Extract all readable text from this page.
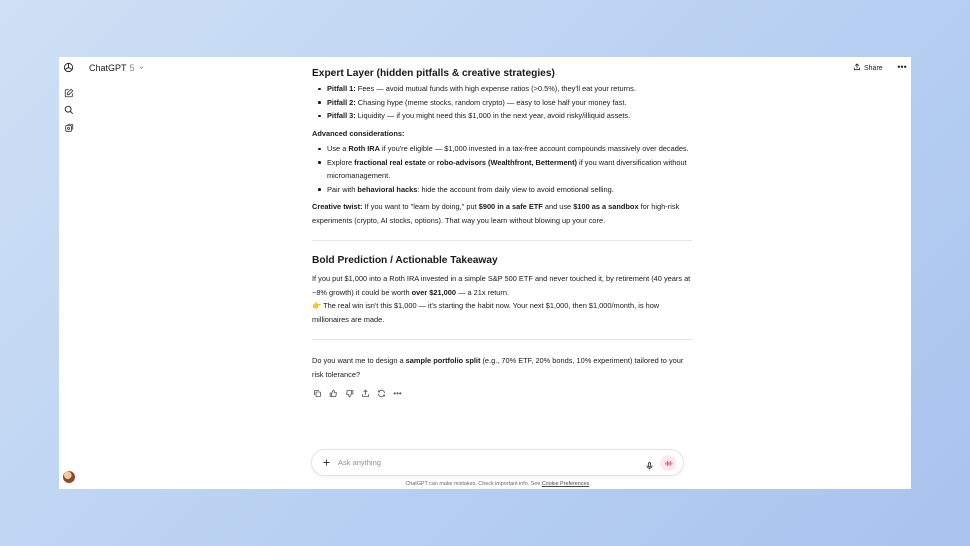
ChatGPT 5	Share •••
Expert Layer (hidden pitfalls & creative strategies)
Pitfall 1: Fees — avoid mutual funds with high expense ratios (>0.5%), they'll eat your returns.
Pitfall 2: Chasing hype (meme stocks, random crypto) — easy to lose half your money fast.
Pitfall 3: Liquidity — if you might need this $1,000 in the next year, avoid risky/illiquid assets.
Advanced considerations:
Use a Roth IRA if you're eligible — $1,000 invested in a tax-free account compounds massively over decades.
Explore fractional real estate or robo-advisors (Wealthfront, Betterment) if you want diversification without micromanagement.
Pair with behavioral hacks: hide the account from daily view to avoid emotional selling.

Creative twist: If you want to "learn by doing," put $900 in a safe ETF and use $100 as a sandbox for high-risk experiments (crypto, AI stocks, options). That way you learn without blowing up your core.

Bold Prediction / Actionable Takeaway

If you put $1,000 into a Roth IRA invested in a simple S&P 500 ETF and never touched it, by retirement (40 years at ~8% growth) it could be worth over $21,000 — a 21x return.
👉 The real win isn't this $1,000 — it's starting the habit now. Your next $1,000, then $1,000/month, is how millionaires are made.

Do you want me to design a sample portfolio split (e.g., 70% ETF, 20% bonds, 10% experiment) tailored to your risk tolerance?

•••
Ask anything
ChatGPT can make mistakes. Check important info. See Cookie Preferences.
